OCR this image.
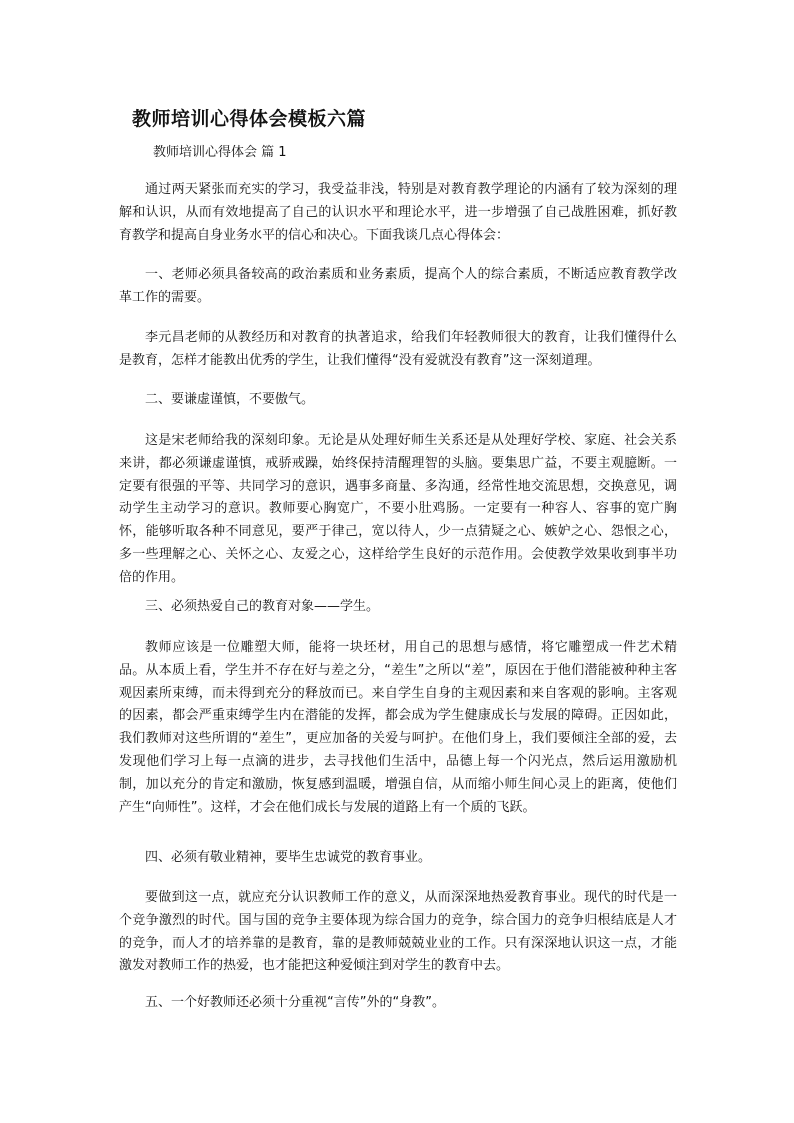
教师培训心得体会模板六篇
教师培训心得体会 篇 1

通过两天紧张而充实的学习，我受益非浅，特别是对教育教学理论的内涵有了较为深刻的理解和认识，从而有效地提高了自己的认识水平和理论水平，进一步增强了自己战胜困难，抓好教育教学和提高自身业务水平的信心和决心。下面我谈几点心得体会：

一、老师必须具备较高的政治素质和业务素质，提高个人的综合素质，不断适应教育教学改革工作的需要。

李元昌老师的从教经历和对教育的执著追求，给我们年轻教师很大的教育，让我们懂得什么是教育，怎样才能教出优秀的学生，让我们懂得“没有爱就没有教育”这一深刻道理。

二、要谦虚谨慎，不要傲气。

这是宋老师给我的深刻印象。无论是从处理好师生关系还是从处理好学校、家庭、社会关系来讲，都必须谦虚谨慎，戒骄戒躁，始终保持清醒理智的头脑。要集思广益，不要主观臆断。一定要有很强的平等、共同学习的意识，遇事多商量、多沟通，经常性地交流思想，交换意见，调动学生主动学习的意识。教师要心胸宽广，不要小肚鸡肠。一定要有一种容人、容事的宽广胸怀，能够听取各种不同意见，要严于律己，宽以待人，少一点猜疑之心、嫉妒之心、怨恨之心，多一些理解之心、关怀之心、友爱之心，这样给学生良好的示范作用。会使教学效果收到事半功倍的作用。

三、必须热爱自己的教育对象——学生。

教师应该是一位雕塑大师，能将一块坯材，用自己的思想与感情，将它雕塑成一件艺术精品。从本质上看，学生并不存在好与差之分，“差生”之所以“差”，原因在于他们潜能被种种主客观因素所束缚，而未得到充分的释放而已。来自学生自身的主观因素和来自客观的影响。主客观的因素，都会严重束缚学生内在潜能的发挥，都会成为学生健康成长与发展的障碍。正因如此，我们教师对这些所谓的“差生”，更应加备的关爱与呵护。在他们身上，我们要倾注全部的爱，去发现他们学习上每一点滴的进步，去寻找他们生活中，品德上每一个闪光点，然后运用激励机制，加以充分的肯定和激励，恢复感到温暖，增强自信，从而缩小师生间心灵上的距离，使他们产生“向师性”。这样，才会在他们成长与发展的道路上有一个质的飞跃。

四、必须有敬业精神，要毕生忠诚党的教育事业。

要做到这一点，就应充分认识教师工作的意义，从而深深地热爱教育事业。现代的时代是一个竞争激烈的时代。国与国的竞争主要体现为综合国力的竞争，综合国力的竞争归根结底是人才的竞争，而人才的培养靠的是教育，靠的是教师兢兢业业的工作。只有深深地认识这一点，才能激发对教师工作的热爱，也才能把这种爱倾注到对学生的教育中去。

五、一个好教师还必须十分重视“言传”外的“身教”。
